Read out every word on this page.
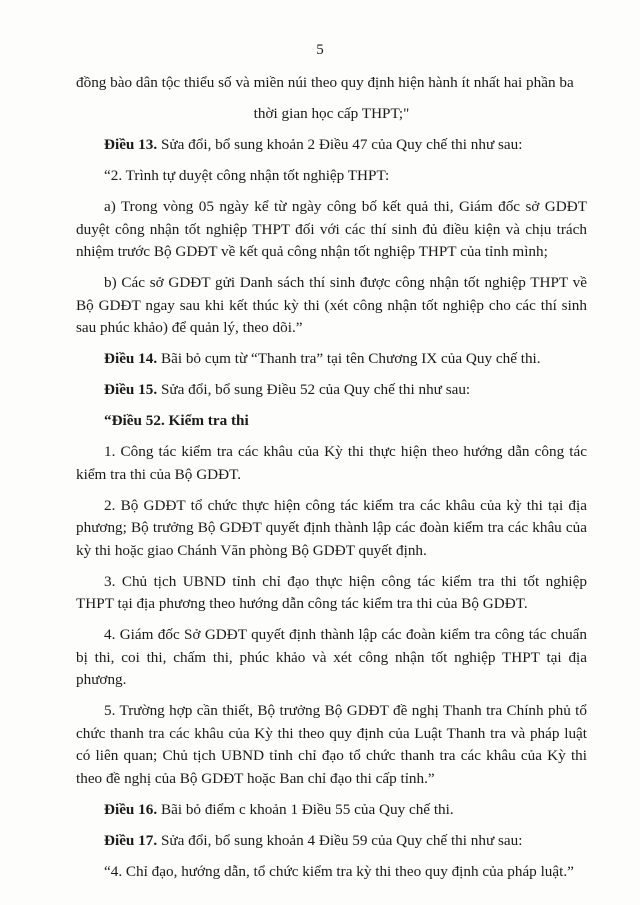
5

đồng bào dân tộc thiểu số và miền núi theo quy định hiện hành ít nhất hai phần ba

thời gian học cấp THPT;"

Điều 13. Sửa đổi, bổ sung khoản 2 Điều 47 của Quy chế thi như sau:

“2. Trình tự duyệt công nhận tốt nghiệp THPT:

a) Trong vòng 05 ngày kể từ ngày công bố kết quả thi, Giám đốc sở GDĐT duyệt công nhận tốt nghiệp THPT đối với các thí sinh đủ điều kiện và chịu trách nhiệm trước Bộ GDĐT về kết quả công nhận tốt nghiệp THPT của tỉnh mình;

b) Các sở GDĐT gửi Danh sách thí sinh được công nhận tốt nghiệp THPT về Bộ GDĐT ngay sau khi kết thúc kỳ thi (xét công nhận tốt nghiệp cho các thí sinh sau phúc khảo) để quản lý, theo dõi.”

Điều 14. Bãi bỏ cụm từ “Thanh tra” tại tên Chương IX của Quy chế thi.

Điều 15. Sửa đổi, bổ sung Điều 52 của Quy chế thi như sau:

“Điều 52. Kiểm tra thi

1. Công tác kiểm tra các khâu của Kỳ thi thực hiện theo hướng dẫn công tác kiểm tra thi của Bộ GDĐT.

2. Bộ GDĐT tổ chức thực hiện công tác kiểm tra các khâu của kỳ thi tại địa phương; Bộ trưởng Bộ GDĐT quyết định thành lập các đoàn kiểm tra các khâu của kỳ thi hoặc giao Chánh Văn phòng Bộ GDĐT quyết định.

3. Chủ tịch UBND tỉnh chỉ đạo thực hiện công tác kiểm tra thi tốt nghiệp THPT tại địa phương theo hướng dẫn công tác kiểm tra thi của Bộ GDĐT.

4. Giám đốc Sở GDĐT quyết định thành lập các đoàn kiểm tra công tác chuẩn bị thi, coi thi, chấm thi, phúc khảo và xét công nhận tốt nghiệp THPT tại địa phương.

5. Trường hợp cần thiết, Bộ trưởng Bộ GDĐT đề nghị Thanh tra Chính phủ tổ chức thanh tra các khâu của Kỳ thi theo quy định của Luật Thanh tra và pháp luật có liên quan; Chủ tịch UBND tỉnh chỉ đạo tổ chức thanh tra các khâu của Kỳ thi theo đề nghị của Bộ GDĐT hoặc Ban chỉ đạo thi cấp tỉnh.”

Điều 16. Bãi bỏ điểm c khoản 1 Điều 55 của Quy chế thi.

Điều 17. Sửa đổi, bổ sung khoản 4 Điều 59 của Quy chế thi như sau:

“4. Chỉ đạo, hướng dẫn, tổ chức kiểm tra kỳ thi theo quy định của pháp luật.”
